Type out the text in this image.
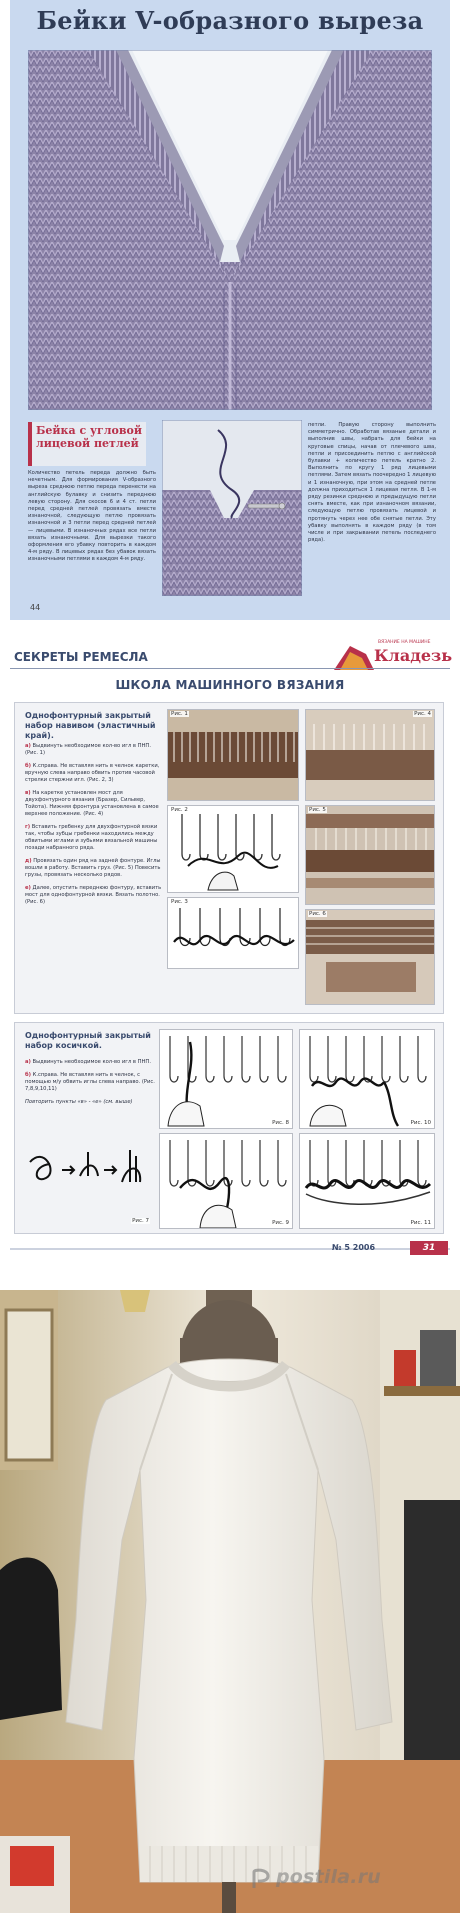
Бейки V-образного выреза
Бейка с угловой лицевой петлей
Количество петель переда должно быть нечетным. Для формирования V-образного выреза среднюю петлю переда перенести на английскую булавку и снизить переднюю левую сторону. Для скосов 6 и 4 ст. петли перед средней петлей провязать вместе изнаночной, следующую петлю провязать изнаночной и 3 петли перед средней петлей — лицевыми. В изнаночных рядах все петли вязать изнаночными. Для вырезки такого оформления его убавку повторить в каждом 4-м ряду. В лицевых рядах без убавок вязать изнаночными петлями в каждом 4-м ряду.
петли. Правую сторону выполнить симметрично. Обработав вязаные детали и выполнив швы, набрать для бейки на круговые спицы, начав от плечевого шва, петли и присоединить петлю с английской булавки + количество петель кратно 2. Выполнить по кругу 1 ряд лицевыми петлями. Затем вязать поочередно 1 лицевую и 1 изнаночную, при этом на средней петле должна приходиться 1 лицевая петля. В 1-м ряду резинки среднюю и предыдущую петли снять вместе, как при изнаночном вязании, следующую петлю провязать лицевой и протянуть через нее обе снятые петли. Эту убавку выполнять в каждом ряду (в том числе и при закрывании петель последнего ряда).
44
СЕКРЕТЫ РЕМЕСЛА
ВЯЗАНИЕ НА МАШИНЕ
Кладезь
ШКОЛА МАШИННОГО ВЯЗАНИЯ
Однофонтурный закрытый набор навивом (эластичный край).
а) Выдвинуть необходимое кол-во игл в ПНП. (Рис. 1)
б) К.справа. Не вставляя нить в челнок каретки, вручную слева направо обвить против часовой стрелки стержни игл. (Рис. 2, 3)
в) На каретке установлен мост для двухфонтурного вязания (Бразер, Сильвер, Тойота). Нижняя фронтура установлена в самое верхнее положение. (Рис. 4)
г) Вставить гребенку для двухфонтурной вязки так, чтобы зубцы гребенки находились между обвитыми иглами и зубьями вязальной машины позади набранного ряда.
д) Провязать один ряд на задней фонтуре. Иглы вошли в работу. Вставить груз. (Рис. 5) Повесить грузы, провязать несколько рядов.
е) Далее, опустить переднюю фонтуру, вставить мост для однофонтурной вязки. Вязать полотно. (Рис. 6)
Рис. 1
Рис. 2
Рис. 3
Рис. 4
Рис. 5
Рис. 6
Однофонтурный закрытый набор косичкой.
а) Выдвинуть необходимое кол-во игл в ПНП.
б) К.справа. Не вставляя нить в челнок, с помощью м/у обвить иглы слева направо. (Рис. 7,8,9,10,11)
Повторить пункты «в» - «е» (см. выше)
Рис. 7
Рис. 8
Рис. 9
Рис. 10
Рис. 11
№ 5 2006	31
postila.ru
